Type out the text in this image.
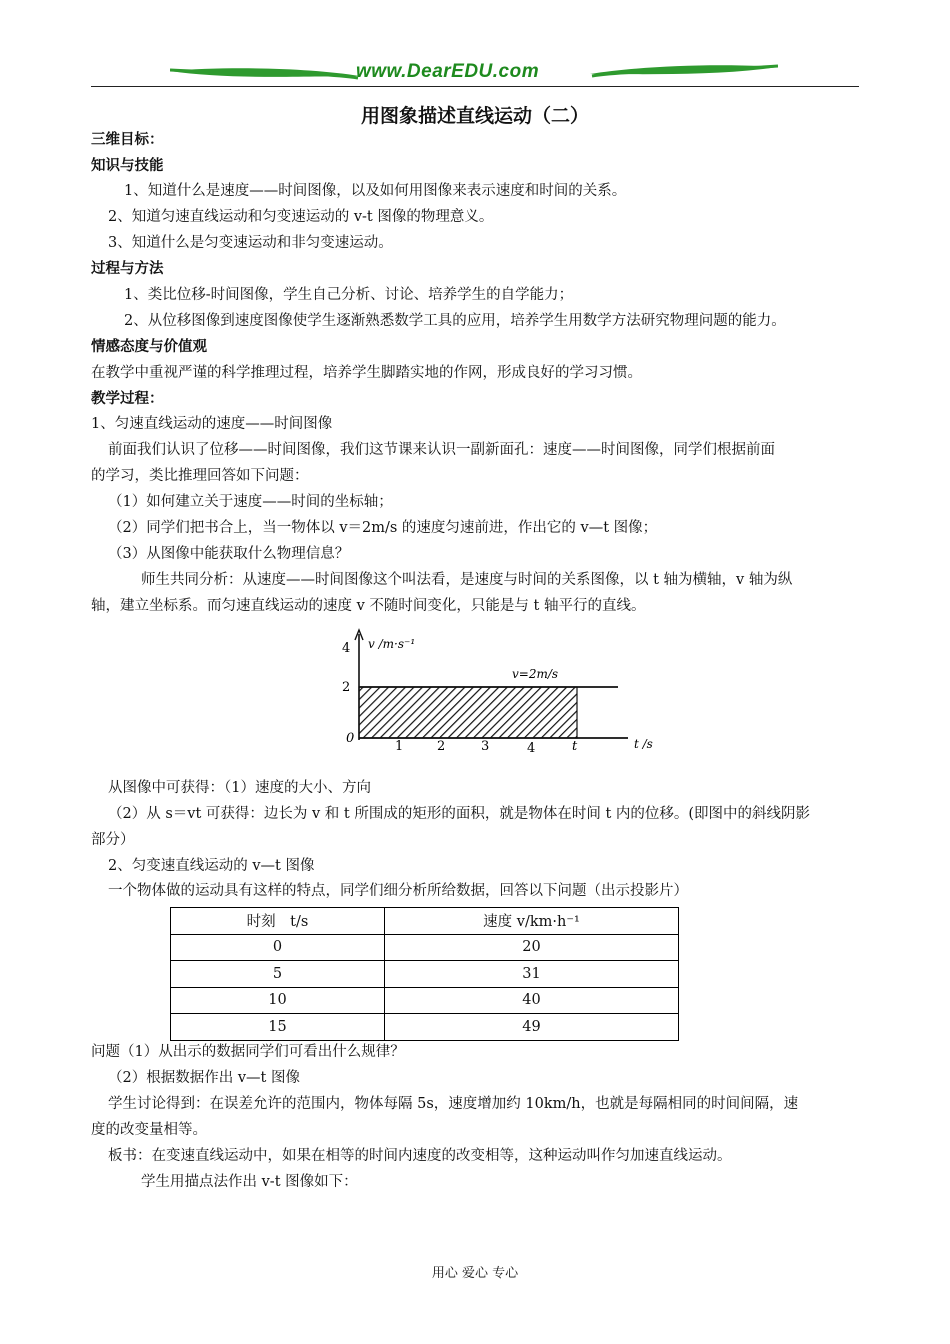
www.DearEDU.com
用图象描述直线运动（二）
三维目标：
知识与技能
1、知道什么是速度——时间图像，以及如何用图像来表示速度和时间的关系。
2、知道匀速直线运动和匀变速运动的 v-t 图像的物理意义。
3、知道什么是匀变速运动和非匀变速运动。
过程与方法
1、类比位移-时间图像，学生自己分析、讨论、培养学生的自学能力；
2、从位移图像到速度图像使学生逐渐熟悉数学工具的应用，培养学生用数学方法研究物理问题的能力。
情感态度与价值观
在教学中重视严谨的科学推理过程，培养学生脚踏实地的作网，形成良好的学习习惯。
教学过程：
1、匀速直线运动的速度——时间图像
前面我们认识了位移——时间图像，我们这节课来认识一副新面孔：速度——时间图像，同学们根据前面
的学习，类比推理回答如下问题：
（1）如何建立关于速度——时间的坐标轴；
（2）同学们把书合上，当一物体以 v＝2m/s 的速度匀速前进，作出它的 v—t 图像；
（3）从图像中能获取什么物理信息？
师生共同分析：从速度——时间图像这个叫法看，是速度与时间的关系图像，以 t 轴为横轴，v 轴为纵
轴，建立坐标系。而匀速直线运动的速度 v 不随时间变化，只能是与 t 轴平行的直线。
v /m·s⁻¹
4
2
0
v=2m/s
1	2	3	4	t	t /s
从图像中可获得：（1）速度的大小、方向
（2）从 s＝vt 可获得：边长为 v 和 t 所围成的矩形的面积，就是物体在时间 t 内的位移。(即图中的斜线阴影
部分）
2、匀变速直线运动的 v—t 图像
一个物体做的运动具有这样的特点，同学们细分析所给数据，回答以下问题（出示投影片）
时刻　t/s	速度 v/km·h⁻¹
0	20
5	31
10	40
15	49
问题（1）从出示的数据同学们可看出什么规律？
（2）根据数据作出 v—t 图像
学生讨论得到：在误差允许的范围内，物体每隔 5s，速度增加约 10km/h，也就是每隔相同的时间间隔，速
度的改变量相等。
板书：在变速直线运动中，如果在相等的时间内速度的改变相等，这种运动叫作匀加速直线运动。
学生用描点法作出 v-t 图像如下：
用心 爱心 专心
